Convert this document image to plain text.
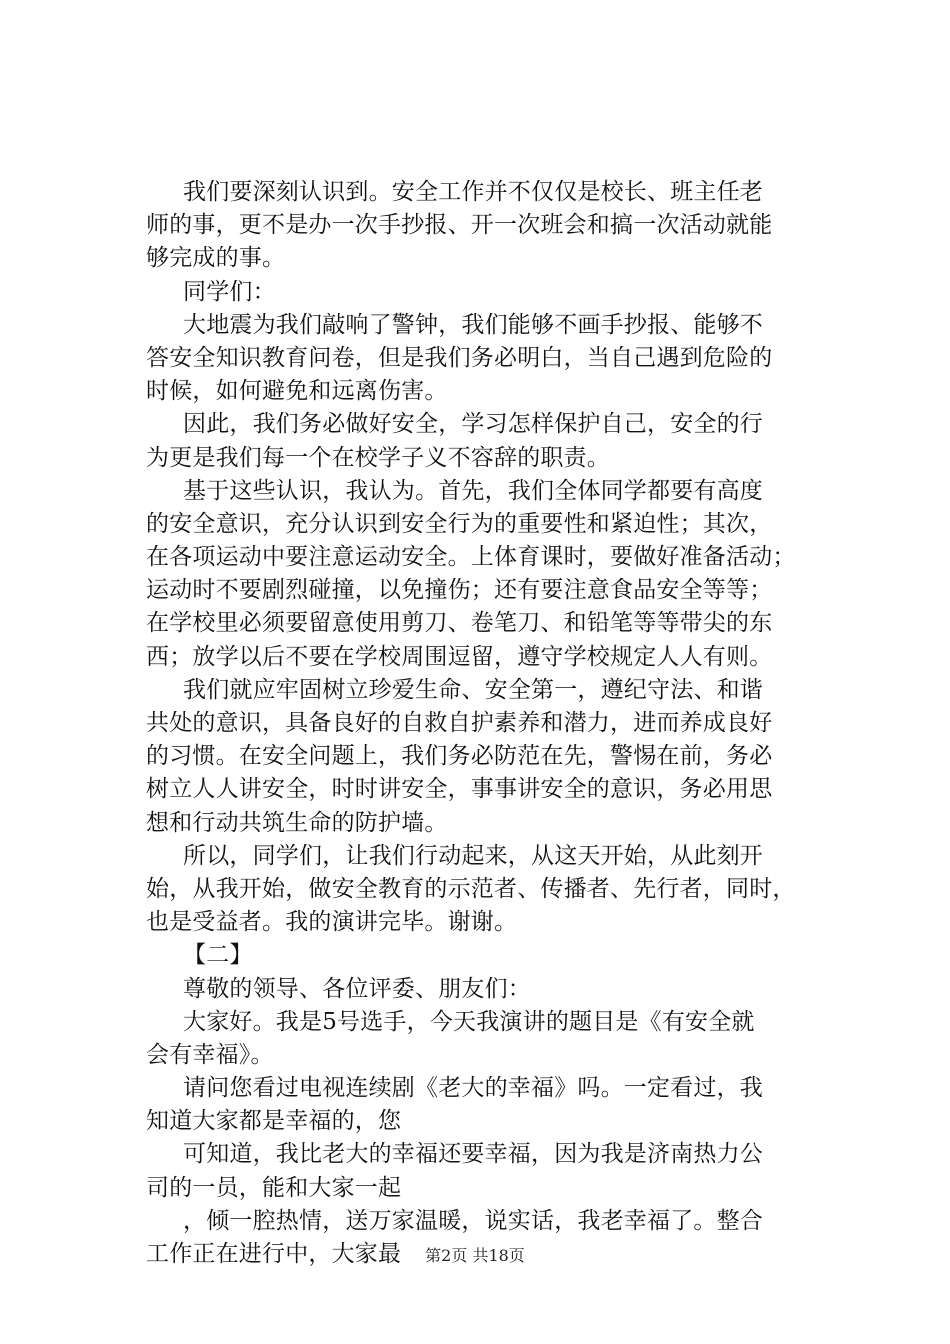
我们要深刻认识到。安全工作并不仅仅是校长、班主任老
师的事，更不是办一次手抄报、开一次班会和搞一次活动就能
够完成的事。
同学们：
大地震为我们敲响了警钟，我们能够不画手抄报、能够不
答安全知识教育问卷，但是我们务必明白，当自己遇到危险的
时候，如何避免和远离伤害。
因此，我们务必做好安全，学习怎样保护自己，安全的行
为更是我们每一个在校学子义不容辞的职责。
基于这些认识，我认为。首先，我们全体同学都要有高度
的安全意识，充分认识到安全行为的重要性和紧迫性；其次，
在各项运动中要注意运动安全。上体育课时，要做好准备活动；
运动时不要剧烈碰撞，以免撞伤；还有要注意食品安全等等；
在学校里必须要留意使用剪刀、卷笔刀、和铅笔等等带尖的东
西；放学以后不要在学校周围逗留，遵守学校规定人人有则。
我们就应牢固树立珍爱生命、安全第一，遵纪守法、和谐
共处的意识，具备良好的自救自护素养和潜力，进而养成良好
的习惯。在安全问题上，我们务必防范在先，警惕在前，务必
树立人人讲安全，时时讲安全，事事讲安全的意识，务必用思
想和行动共筑生命的防护墙。
所以，同学们，让我们行动起来，从这天开始，从此刻开
始，从我开始，做安全教育的示范者、传播者、先行者，同时，
也是受益者。我的演讲完毕。谢谢。
【二】
尊敬的领导、各位评委、朋友们：
大家好。我是5号选手，今天我演讲的题目是《有安全就
会有幸福》。
请问您看过电视连续剧《老大的幸福》吗。一定看过，我
知道大家都是幸福的，您
可知道，我比老大的幸福还要幸福，因为我是济南热力公
司的一员，能和大家一起
，倾一腔热情，送万家温暖，说实话，我老幸福了。整合
工作正在进行中，大家最	第2页 共18页
